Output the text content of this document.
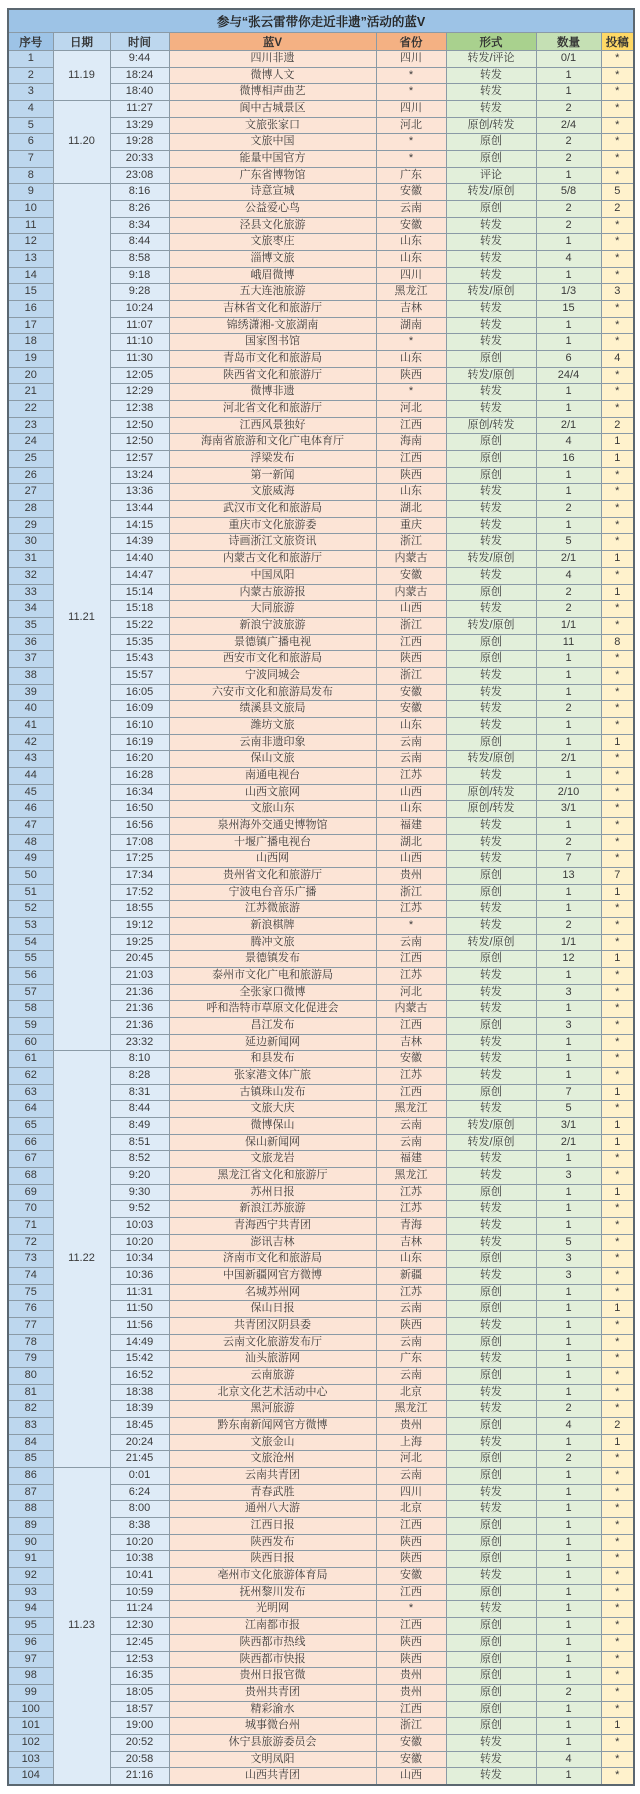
参与“张云雷带你走近非遗”活动的蓝V							
序号	日期	时间	蓝V	省份	形式	数量	投稿
1	11.19	9:44	四川非遗	四川	转发/评论	0/1	*
2		18:24	微博人文	*	转发	1	*
3		18:40	微博相声曲艺	*	转发	1	*
4	11.20	11:27	阆中古城景区	四川	转发	2	*
5		13:29	文旅张家口	河北	原创/转发	2/4	*
6		19:28	文旅中国	*	原创	2	*
7		20:33	能量中国官方	*	原创	2	*
8		23:08	广东省博物馆	广东	评论	1	*
9	11.21	8:16	诗意宣城	安徽	转发/原创	5/8	5
10		8:26	公益爱心鸟	云南	原创	2	2
11		8:34	泾县文化旅游	安徽	转发	2	*
12		8:44	文旅枣庄	山东	转发	1	*
13		8:58	淄博文旅	山东	转发	4	*
14		9:18	峨眉微博	四川	转发	1	*
15		9:28	五大连池旅游	黑龙江	转发/原创	1/3	3
16		10:24	吉林省文化和旅游厅	吉林	转发	15	*
17		11:07	锦绣潇湘-文旅湖南	湖南	转发	1	*
18		11:10	国家图书馆	*	转发	1	*
19		11:30	青岛市文化和旅游局	山东	原创	6	4
20		12:05	陕西省文化和旅游厅	陕西	转发/原创	24/4	*
21		12:29	微博非遗	*	转发	1	*
22		12:38	河北省文化和旅游厅	河北	转发	1	*
23		12:50	江西风景独好	江西	原创/转发	2/1	2
24		12:50	海南省旅游和文化广电体育厅	海南	原创	4	1
25		12:57	浮梁发布	江西	原创	16	1
26		13:24	第一新闻	陕西	原创	1	*
27		13:36	文旅威海	山东	转发	1	*
28		13:44	武汉市文化和旅游局	湖北	转发	2	*
29		14:15	重庆市文化旅游委	重庆	转发	1	*
30		14:39	诗画浙江文旅资讯	浙江	转发	5	*
31		14:40	内蒙古文化和旅游厅	内蒙古	转发/原创	2/1	1
32		14:47	中国凤阳	安徽	转发	4	*
33		15:14	内蒙古旅游报	内蒙古	原创	2	1
34		15:18	大同旅游	山西	转发	2	*
35		15:22	新浪宁波旅游	浙江	转发/原创	1/1	*
36		15:35	景德镇广播电视	江西	原创	11	8
37		15:43	西安市文化和旅游局	陕西	原创	1	*
38		15:57	宁波同城会	浙江	转发	1	*
39		16:05	六安市文化和旅游局发布	安徽	转发	1	*
40		16:09	绩溪县文旅局	安徽	转发	2	*
41		16:10	潍坊文旅	山东	转发	1	*
42		16:19	云南非遗印象	云南	原创	1	1
43		16:20	保山文旅	云南	转发/原创	2/1	*
44		16:28	南通电视台	江苏	转发	1	*
45		16:34	山西文旅网	山西	原创/转发	2/10	*
46		16:50	文旅山东	山东	原创/转发	3/1	*
47		16:56	泉州海外交通史博物馆	福建	转发	1	*
48		17:08	十堰广播电视台	湖北	转发	2	*
49		17:25	山西网	山西	转发	7	*
50		17:34	贵州省文化和旅游厅	贵州	原创	13	7
51		17:52	宁波电台音乐广播	浙江	原创	1	1
52		18:55	江苏微旅游	江苏	转发	1	*
53		19:12	新浪棋牌	*	转发	2	*
54		19:25	腾冲文旅	云南	转发/原创	1/1	*
55		20:45	景德镇发布	江西	原创	12	1
56		21:03	泰州市文化广电和旅游局	江苏	转发	1	*
57		21:36	全张家口微博	河北	转发	3	*
58		21:36	呼和浩特市草原文化促进会	内蒙古	转发	1	*
59		21:36	昌江发布	江西	原创	3	*
60		23:32	延边新闻网	吉林	转发	1	*
61	11.22	8:10	和县发布	安徽	转发	1	*
62		8:28	张家港文体广旅	江苏	转发	1	*
63		8:31	古镇珠山发布	江西	原创	7	1
64		8:44	文旅大庆	黑龙江	转发	5	*
65		8:49	微博保山	云南	转发/原创	3/1	1
66		8:51	保山新闻网	云南	转发/原创	2/1	1
67		8:52	文旅龙岩	福建	转发	1	*
68		9:20	黑龙江省文化和旅游厅	黑龙江	转发	3	*
69		9:30	苏州日报	江苏	原创	1	1
70		9:52	新浪江苏旅游	江苏	转发	1	*
71		10:03	青海西宁共青团	青海	转发	1	*
72		10:20	澎讯吉林	吉林	转发	5	*
73		10:34	济南市文化和旅游局	山东	原创	3	*
74		10:36	中国新疆网官方微博	新疆	转发	3	*
75		11:31	名城苏州网	江苏	原创	1	*
76		11:50	保山日报	云南	原创	1	1
77		11:56	共青团汉阴县委	陕西	转发	1	*
78		14:49	云南文化旅游发布厅	云南	原创	1	*
79		15:42	汕头旅游网	广东	转发	1	*
80		16:52	云南旅游	云南	原创	1	*
81		18:38	北京文化艺术活动中心	北京	转发	1	*
82		18:39	黑河旅游	黑龙江	转发	2	*
83		18:45	黔东南新闻网官方微博	贵州	原创	4	2
84		20:24	文旅金山	上海	转发	1	1
85		21:45	文旅沧州	河北	原创	2	*
86	11.23	0:01	云南共青团	云南	原创	1	*
87		6:24	青春武胜	四川	转发	1	*
88		8:00	通州八大游	北京	转发	1	*
89		8:38	江西日报	江西	原创	1	*
90		10:20	陕西发布	陕西	原创	1	*
91		10:38	陕西日报	陕西	原创	1	*
92		10:41	亳州市文化旅游体育局	安徽	转发	1	*
93		10:59	抚州黎川发布	江西	原创	1	*
94		11:24	光明网	*	转发	1	*
95		12:30	江南都市报	江西	原创	1	*
96		12:45	陕西都市热线	陕西	原创	1	*
97		12:53	陕西都市快报	陕西	原创	1	*
98		16:35	贵州日报官微	贵州	原创	1	*
99		18:05	贵州共青团	贵州	原创	2	*
100		18:57	精彩渝水	江西	原创	1	*
101		19:00	城事微台州	浙江	原创	1	1
102		20:52	休宁县旅游委员会	安徽	转发	1	*
103		20:58	文明凤阳	安徽	转发	4	*
104		21:16	山西共青团	山西	转发	1	*
